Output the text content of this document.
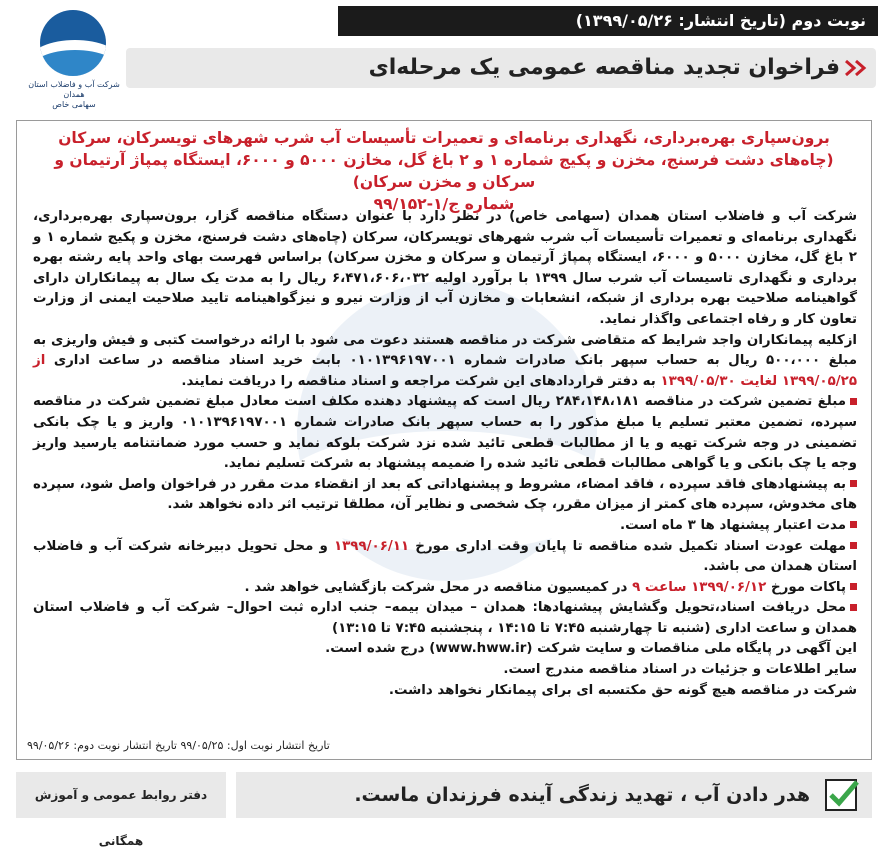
نوبت دوم (تاریخ انتشار: ۱۳۹۹/۰۵/۲۶)
شرکت آب و فاضلاب استان همدان
سهامی خاص
فراخوان تجدید مناقصه عمومی یک مرحله‌ای
برون‌سپاری بهره‌برداری، نگهداری برنامه‌ای و تعمیرات تأسیسات آب شرب شهرهای تویسرکان، سرکان (چاه‌های دشت فرسنج، مخزن و پکیج شماره ۱ و ۲ باغ گل، مخازن ۵۰۰۰ و ۶۰۰۰، ایستگاه پمپاژ آرتیمان و سرکان و مخزن سرکان)
شماره ج/۱-۹۹/۱۵۲

شرکت آب و فاضلاب استان همدان (سهامی خاص) در نظر دارد با عنوان دستگاه مناقصه گزار، برون‌سپاری بهره‌برداری، نگهداری برنامه‌ای و تعمیرات تأسیسات آب شرب شهرهای تویسرکان، سرکان (چاه‌های دشت فرسنج، مخزن و پکیج شماره ۱ و ۲ باغ گل، مخازن ۵۰۰۰ و ۶۰۰۰، ایستگاه پمپاژ آرتیمان و سرکان و مخزن سرکان) براساس فهرست بهای واحد پایه رشته بهره برداری و نگهداری تاسیسات آب شرب سال ۱۳۹۹ با برآورد اولیه ۶،۴۷۱،۶۰۶،۰۳۲ ریال را به مدت یک سال به پیمانکاران دارای گواهینامه صلاحیت بهره برداری از شبکه، انشعابات و مخازن آب از وزارت نیرو و نیزگواهینامه تایید صلاحیت ایمنی از وزارت تعاون کار و رفاه اجتماعی واگذار نماید.

ازکلیه پیمانکاران واجد شرایط که متقاضی شرکت در مناقصه هستند دعوت می شود با ارائه درخواست کتبی و فیش واریزی به مبلغ ۵۰۰،۰۰۰ ریال به حساب سپهر بانک صادرات شماره ۰۱۰۱۳۹۶۱۹۷۰۰۱ بابت خرید اسناد مناقصه در ساعت اداری از ۱۳۹۹/۰۵/۲۵ لغایت ۱۳۹۹/۰۵/۳۰ به دفتر قراردادهای این شرکت مراجعه و اسناد مناقصه را دریافت نمایند.

مبلغ تضمین شرکت در مناقصه ۲۸۴،۱۴۸،۱۸۱ ریال است که پیشنهاد دهنده مکلف است معادل مبلغ تضمین شرکت در مناقصه سپرده، تضمین معتبر تسلیم یا مبلغ مذکور را به حساب سپهر بانک صادرات شماره ۰۱۰۱۳۹۶۱۹۷۰۰۱ واریز و یا چک بانکی تضمینی در وجه شرکت تهیه و یا از مطالبات قطعی تائید شده نزد شرکت بلوکه نماید و حسب مورد ضمانتنامه یارسید واریز وجه یا چک بانکی و یا گواهی مطالبات قطعی تائید شده را ضمیمه پیشنهاد به شرکت تسلیم نماید.
به پیشنهادهای فاقد سپرده ، فاقد امضاء، مشروط و پیشنهاداتی که بعد از انقضاء مدت مقرر در فراخوان واصل شود، سپرده های مخدوش، سپرده های کمتر از میزان مقرر، چک شخصی و نظایر آن، مطلقا ترتیب اثر داده نخواهد شد.
مدت اعتبار پیشنهاد ها ۳ ماه است.
مهلت عودت اسناد تکمیل شده مناقصه تا پایان وقت اداری مورخ ۱۳۹۹/۰۶/۱۱ و محل تحویل دبیرخانه شرکت آب و فاضلاب استان همدان می باشد.
پاکات مورخ ۱۳۹۹/۰۶/۱۲ ساعت ۹ در کمیسیون مناقصه در محل شرکت بازگشایی خواهد شد .
محل دریافت اسناد،تحویل وگشایش پیشنهادها: همدان – میدان بیمه– جنب اداره ثبت احوال– شرکت آب و فاضلاب استان همدان و ساعت اداری (شنبه تا چهارشنبه ۷:۴۵ تا ۱۴:۱۵ ، پنجشنبه ۷:۴۵ تا ۱۳:۱۵)

این آگهی در پایگاه ملی مناقصات و سایت شرکت (www.hww.ir) درج شده است.

سایر اطلاعات و جزئیات در اسناد مناقصه مندرج است.

شرکت در مناقصه هیچ گونه حق مکتسبه ای برای پیمانکار نخواهد داشت.

تاریخ انتشار نوبت اول: ۹۹/۰۵/۲۵ تاریخ انتشار نوبت دوم: ۹۹/۰۵/۲۶
دفتر روابط عمومی و آموزش همگانی
هدر دادن آب ، تهدید زندگی آینده فرزندان ماست.
